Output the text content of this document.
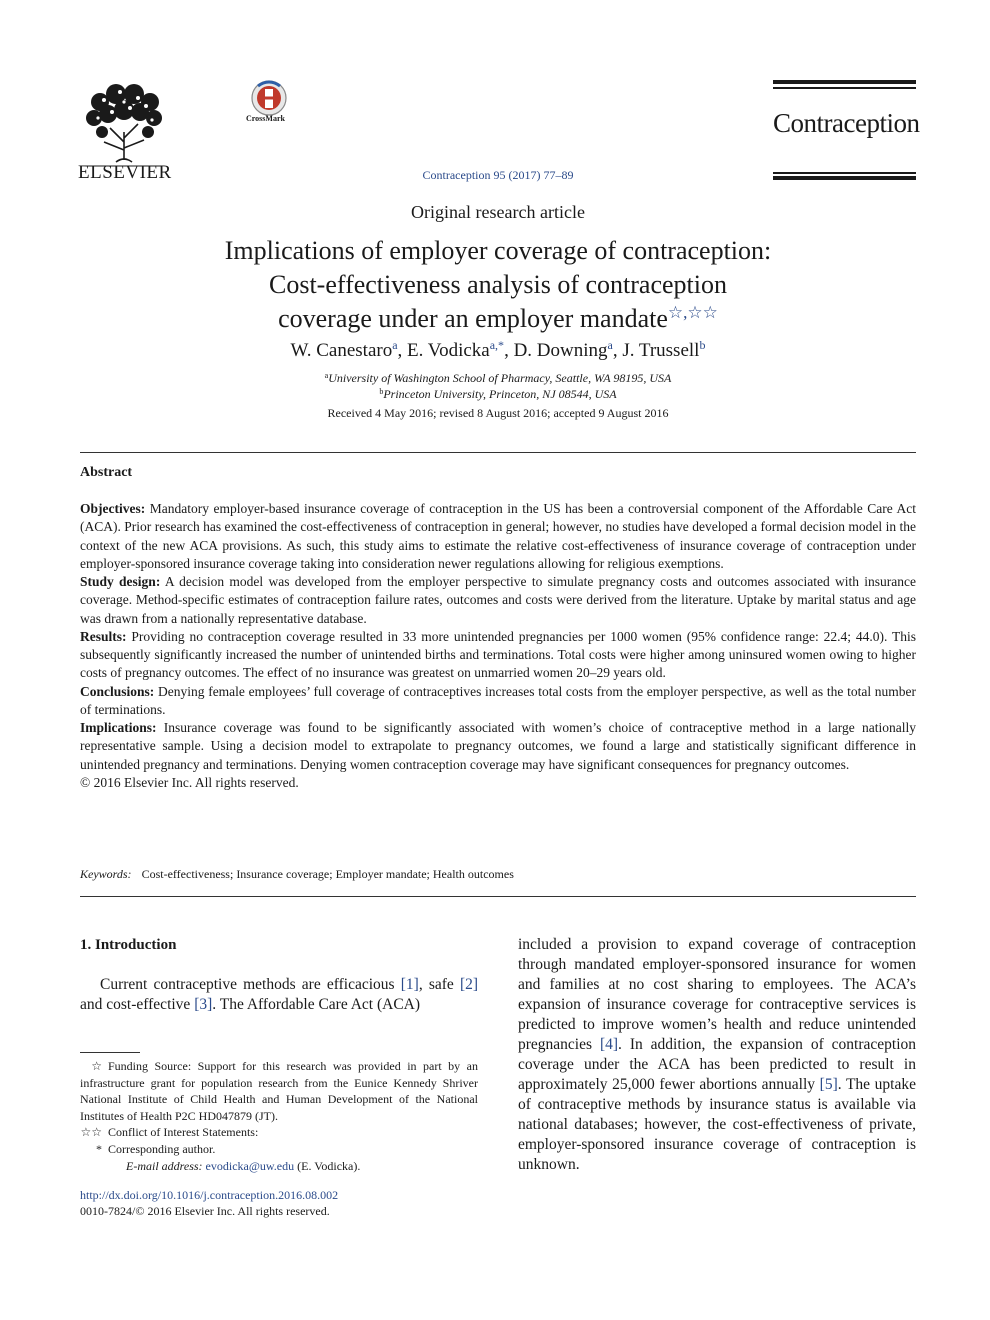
ELSEVIER
CrossMark	Contraception
Contraception 95 (2017) 77–89
Original research article
Implications of employer coverage of contraception:
Cost-effectiveness analysis of contraception
coverage under an employer mandate☆,☆☆
W. Canestaro$^a$, E. Vodicka$^{a,*}$, D. Downing$^a$, J. Trussell$^b$
$^a$University of Washington School of Pharmacy, Seattle, WA 98195, USA
$^b$Princeton University, Princeton, NJ 08544, USA
Received 4 May 2016; revised 8 August 2016; accepted 9 August 2016
Abstract

Objectives: Mandatory employer-based insurance coverage of contraception in the US has been a controversial component of the Affordable Care Act (ACA). Prior research has examined the cost-effectiveness of contraception in general; however, no studies have developed a formal decision model in the context of the new ACA provisions. As such, this study aims to estimate the relative cost-effectiveness of insurance coverage of contraception under employer-sponsored insurance coverage taking into consideration newer regulations allowing for religious exemptions.

Study design: A decision model was developed from the employer perspective to simulate pregnancy costs and outcomes associated with insurance coverage. Method-specific estimates of contraception failure rates, outcomes and costs were derived from the literature. Uptake by marital status and age was drawn from a nationally representative database.

Results: Providing no contraception coverage resulted in 33 more unintended pregnancies per 1000 women (95% confidence range: 22.4; 44.0). This subsequently significantly increased the number of unintended births and terminations. Total costs were higher among uninsured women owing to higher costs of pregnancy outcomes. The effect of no insurance was greatest on unmarried women 20–29 years old.

Conclusions: Denying female employees’ full coverage of contraceptives increases total costs from the employer perspective, as well as the total number of terminations.

Implications: Insurance coverage was found to be significantly associated with women’s choice of contraceptive method in a large nationally representative sample. Using a decision model to extrapolate to pregnancy outcomes, we found a large and statistically significant difference in unintended pregnancy and terminations. Denying women contraception coverage may have significant consequences for pregnancy outcomes.

© 2016 Elsevier Inc. All rights reserved.

Keywords: Cost-effectiveness; Insurance coverage; Employer mandate; Health outcomes
1. Introduction

Current contraceptive methods are efficacious [1], safe [2] and cost-effective [3]. The Affordable Care Act (ACA)

included a provision to expand coverage of contraception through mandated employer-sponsored insurance for women and families at no cost sharing to employees. The ACA’s expansion of insurance coverage for contraceptive services is predicted to improve women’s health and reduce unintended pregnancies [4]. In addition, the expansion of contraception coverage under the ACA has been predicted to result in approximately 25,000 fewer abortions annually [5]. The uptake of contraceptive methods by insurance status is available via national databases; however, the cost-effectiveness of private, employer-sponsored insurance coverage of contraception is unknown.

☆ Funding Source: Support for this research was provided in part by an infrastructure grant for population research from the Eunice Kennedy Shriver National Institute of Child Health and Human Development of the National Institutes of Health P2C HD047879 (JT).

☆☆ Conflict of Interest Statements:

* Corresponding author.

E-mail address: evodicka@uw.edu (E. Vodicka).

http://dx.doi.org/10.1016/j.contraception.2016.08.002
0010-7824/© 2016 Elsevier Inc. All rights reserved.
